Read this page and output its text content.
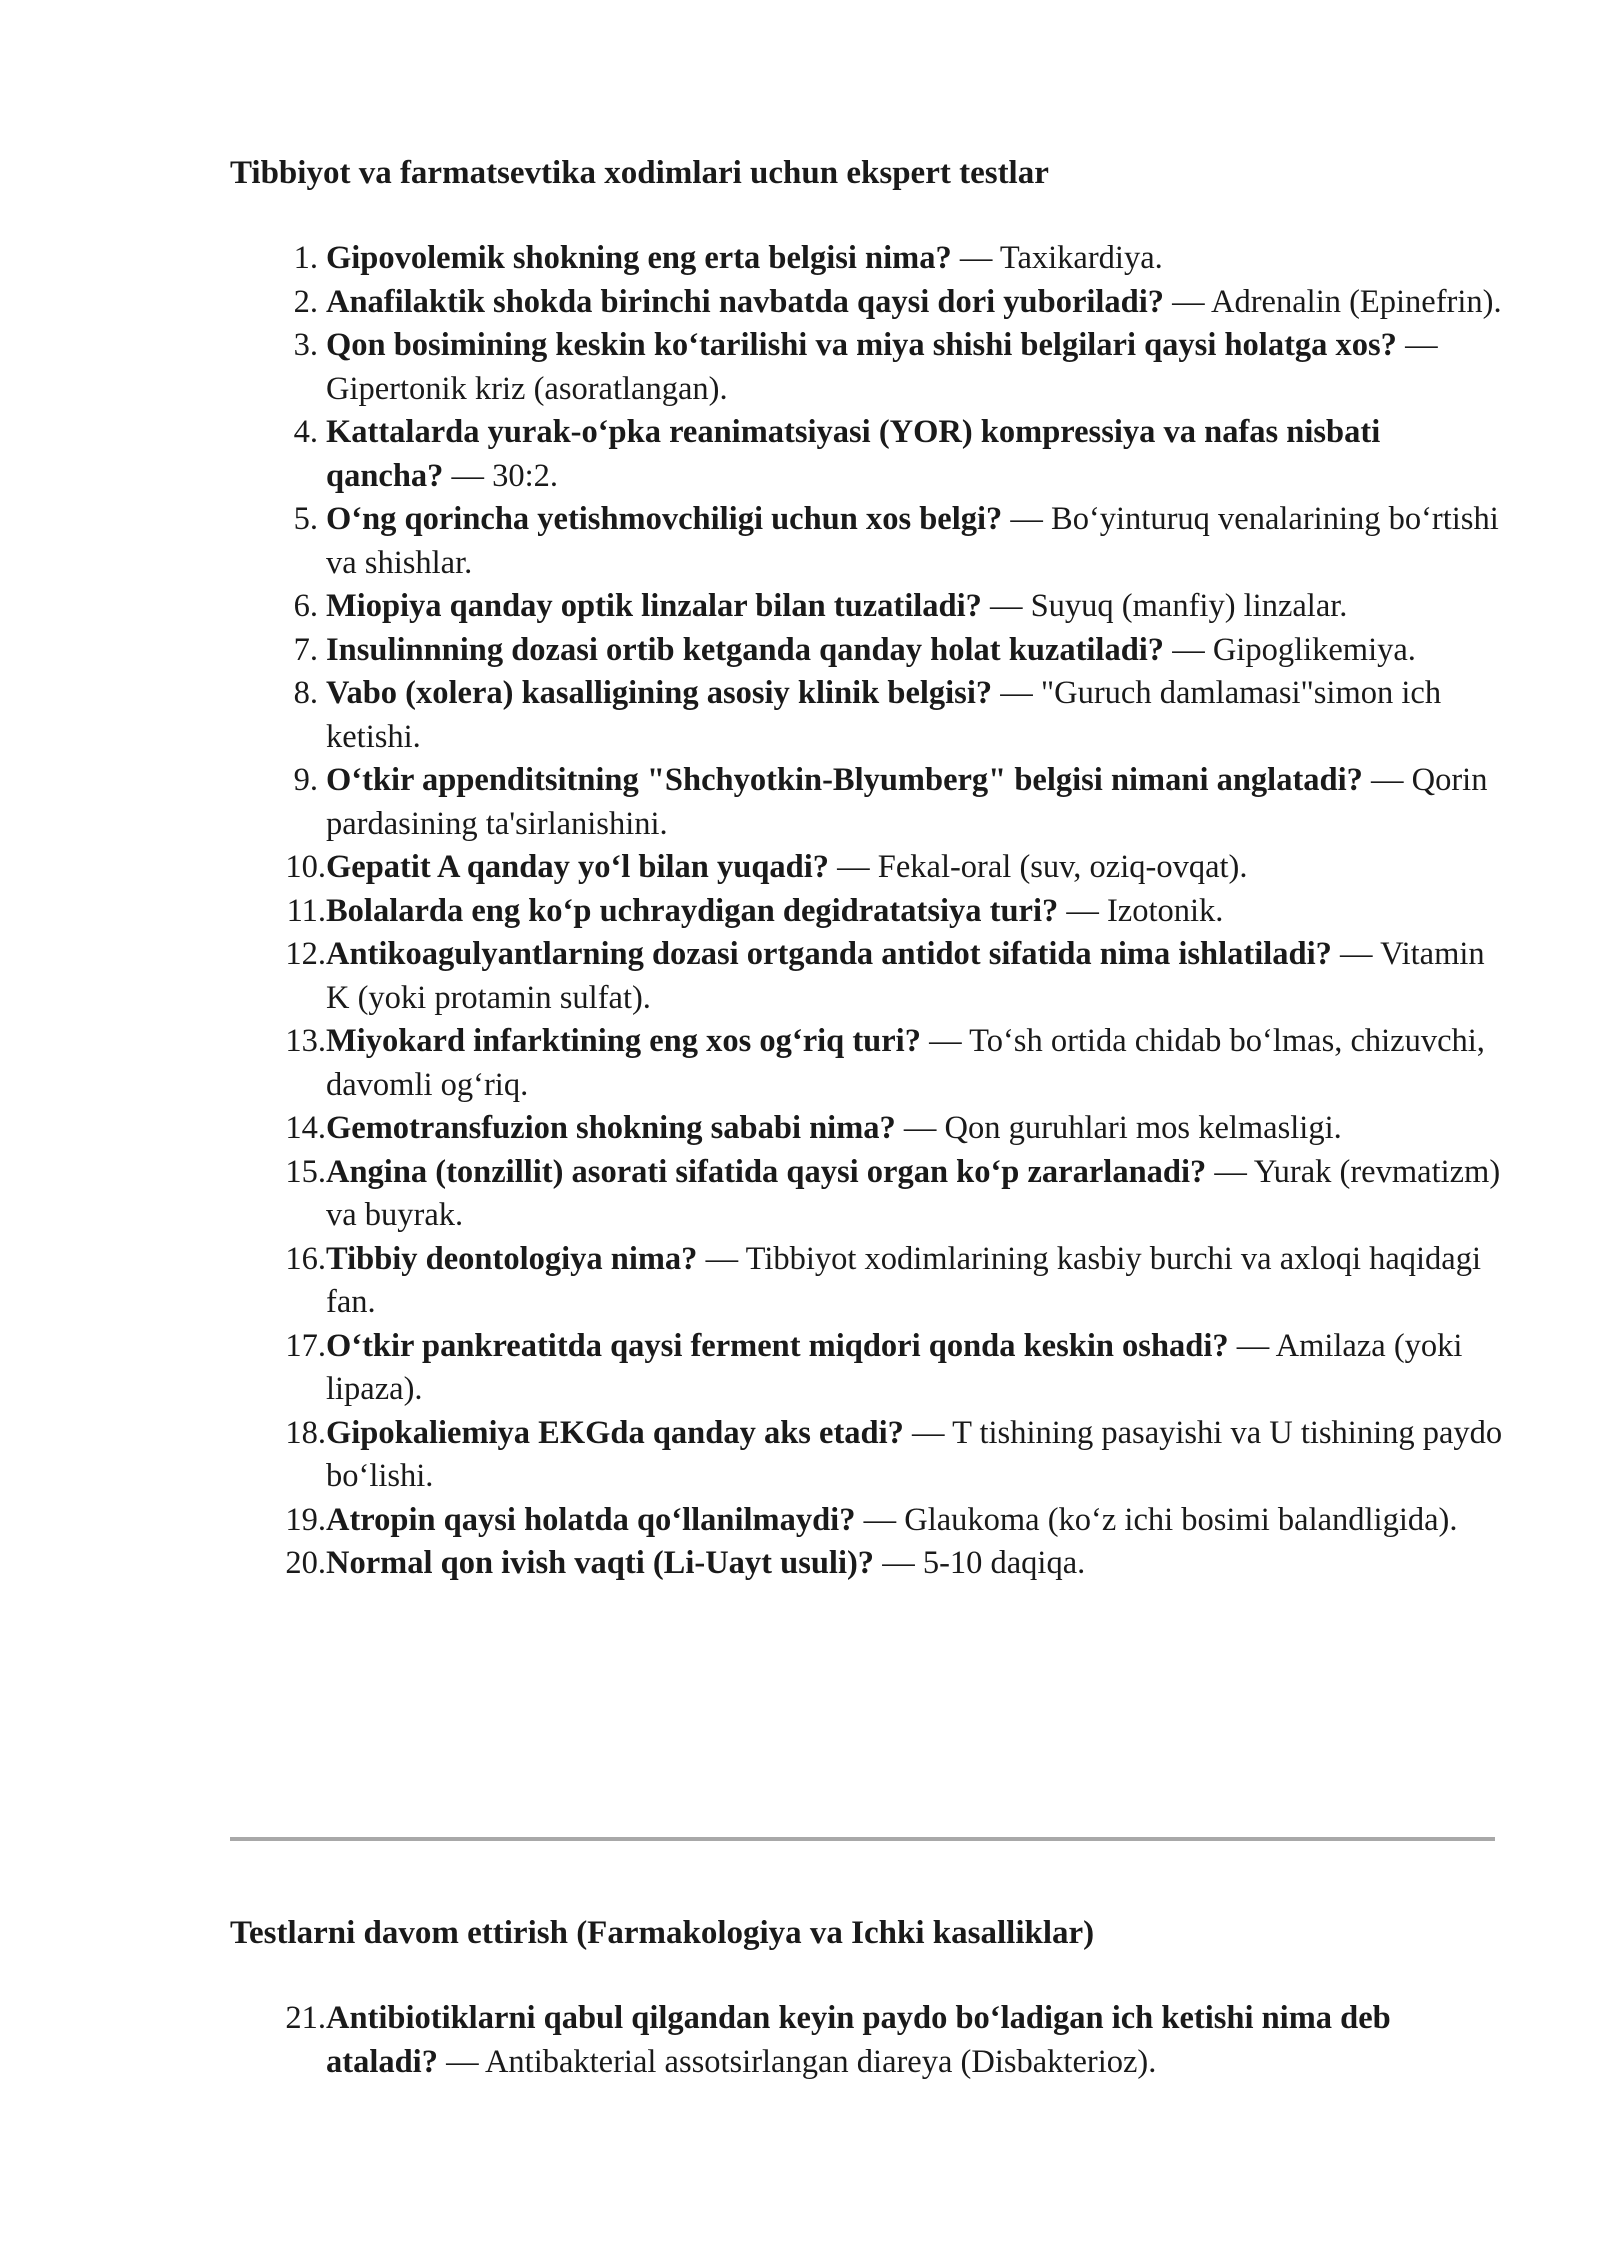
Tibbiyot va farmatsevtika xodimlari uchun ekspert testlar
1. Gipovolemik shokning eng erta belgisi nima? — Taxikardiya.
2. Anafilaktik shokda birinchi navbatda qaysi dori yuboriladi? — Adrenalin (Epinefrin).
3. Qon bosimining keskin ko‘tarilishi va miya shishi belgilari qaysi holatga xos? — Gipertonik kriz (asoratlangan).
4. Kattalarda yurak-o‘pka reanimatsiyasi (YOR) kompressiya va nafas nisbati qancha? — 30:2.
5. O‘ng qorincha yetishmovchiligi uchun xos belgi? — Bo‘yinturuq venalarining bo‘rtishi va shishlar.
6. Miopiya qanday optik linzalar bilan tuzatiladi? — Suyuq (manfiy) linzalar.
7. Insulinnning dozasi ortib ketganda qanday holat kuzatiladi? — Gipoglikemiya.
8. Vabo (xolera) kasalligining asosiy klinik belgisi? — "Guruch damlamasi"simon ich ketishi.
9. O‘tkir appenditsitning "Shchyotkin-Blyumberg" belgisi nimani anglatadi? — Qorin pardasining ta'sirlanishini.
10. Gepatit A qanday yo‘l bilan yuqadi? — Fekal-oral (suv, oziq-ovqat).
11. Bolalarda eng ko‘p uchraydigan degidratatsiya turi? — Izotonik.
12. Antikoagulyantlarning dozasi ortganda antidot sifatida nima ishlatiladi? — Vitamin K (yoki protamin sulfat).
13. Miyokard infarktining eng xos og‘riq turi? — To‘sh ortida chidab bo‘lmas, chizuvchi, davomli og‘riq.
14. Gemotransfuzion shokning sababi nima? — Qon guruhlari mos kelmasligi.
15. Angina (tonzillit) asorati sifatida qaysi organ ko‘p zararlanadi? — Yurak (revmatizm) va buyrak.
16. Tibbiy deontologiya nima? — Tibbiyot xodimlarining kasbiy burchi va axloqi haqidagi fan.
17. O‘tkir pankreatitda qaysi ferment miqdori qonda keskin oshadi? — Amilaza (yoki lipaza).
18. Gipokaliemiya EKGda qanday aks etadi? — T tishining pasayishi va U tishining paydo bo‘lishi.
19. Atropin qaysi holatda qo‘llanilmaydi? — Glaukoma (ko‘z ichi bosimi balandligida).
20. Normal qon ivish vaqti (Li-Uayt usuli)? — 5-10 daqiqa.
Testlarni davom ettirish (Farmakologiya va Ichki kasalliklar)
21. Antibiotiklarni qabul qilgandan keyin paydo bo‘ladigan ich ketishi nima deb ataladi? — Antibakterial assotsirlangan diareya (Disbakterioz).
